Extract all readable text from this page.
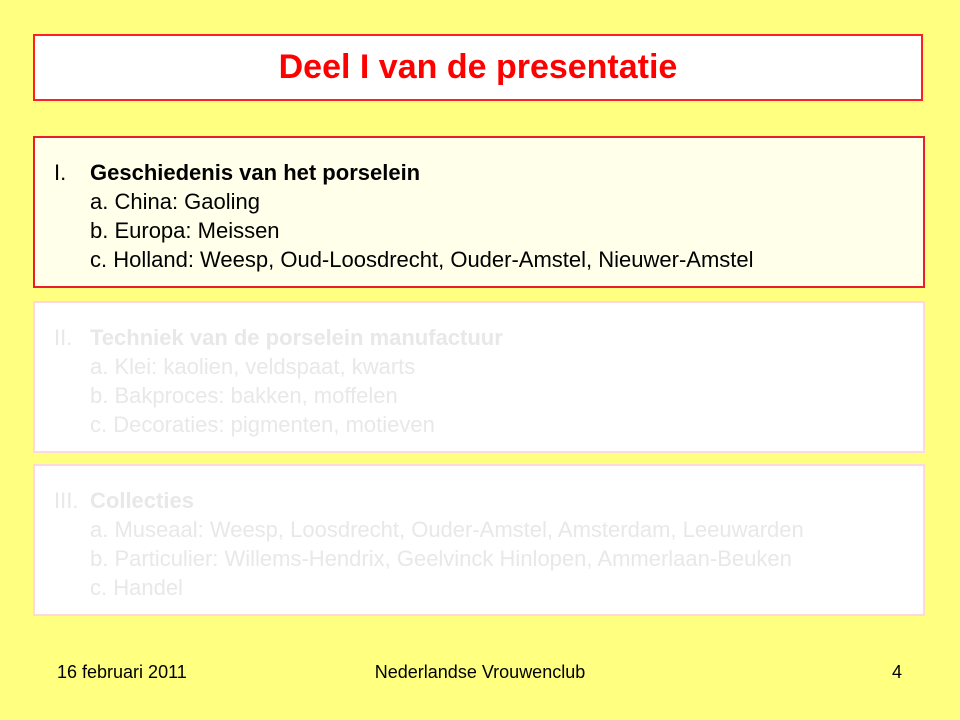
Deel I van de presentatie
I.	Geschiedenis van het porselein
a. China: Gaoling
b. Europa: Meissen
c. Holland: Weesp, Oud-Loosdrecht, Ouder-Amstel, Nieuwer-Amstel
II. Techniek van de porselein manufactuur
a. Klei: kaolien, veldspaat, kwarts
b. Bakproces: bakken, moffelen
c. Decoraties: pigmenten, motieven
III. Collecties
a. Museaal: Weesp, Loosdrecht, Ouder-Amstel, Amsterdam, Leeuwarden
b. Particulier: Willems-Hendrix, Geelvinck Hinlopen, Ammerlaan-Beuken
c. Handel
16 februari 2011	Nederlandse Vrouwenclub	4
